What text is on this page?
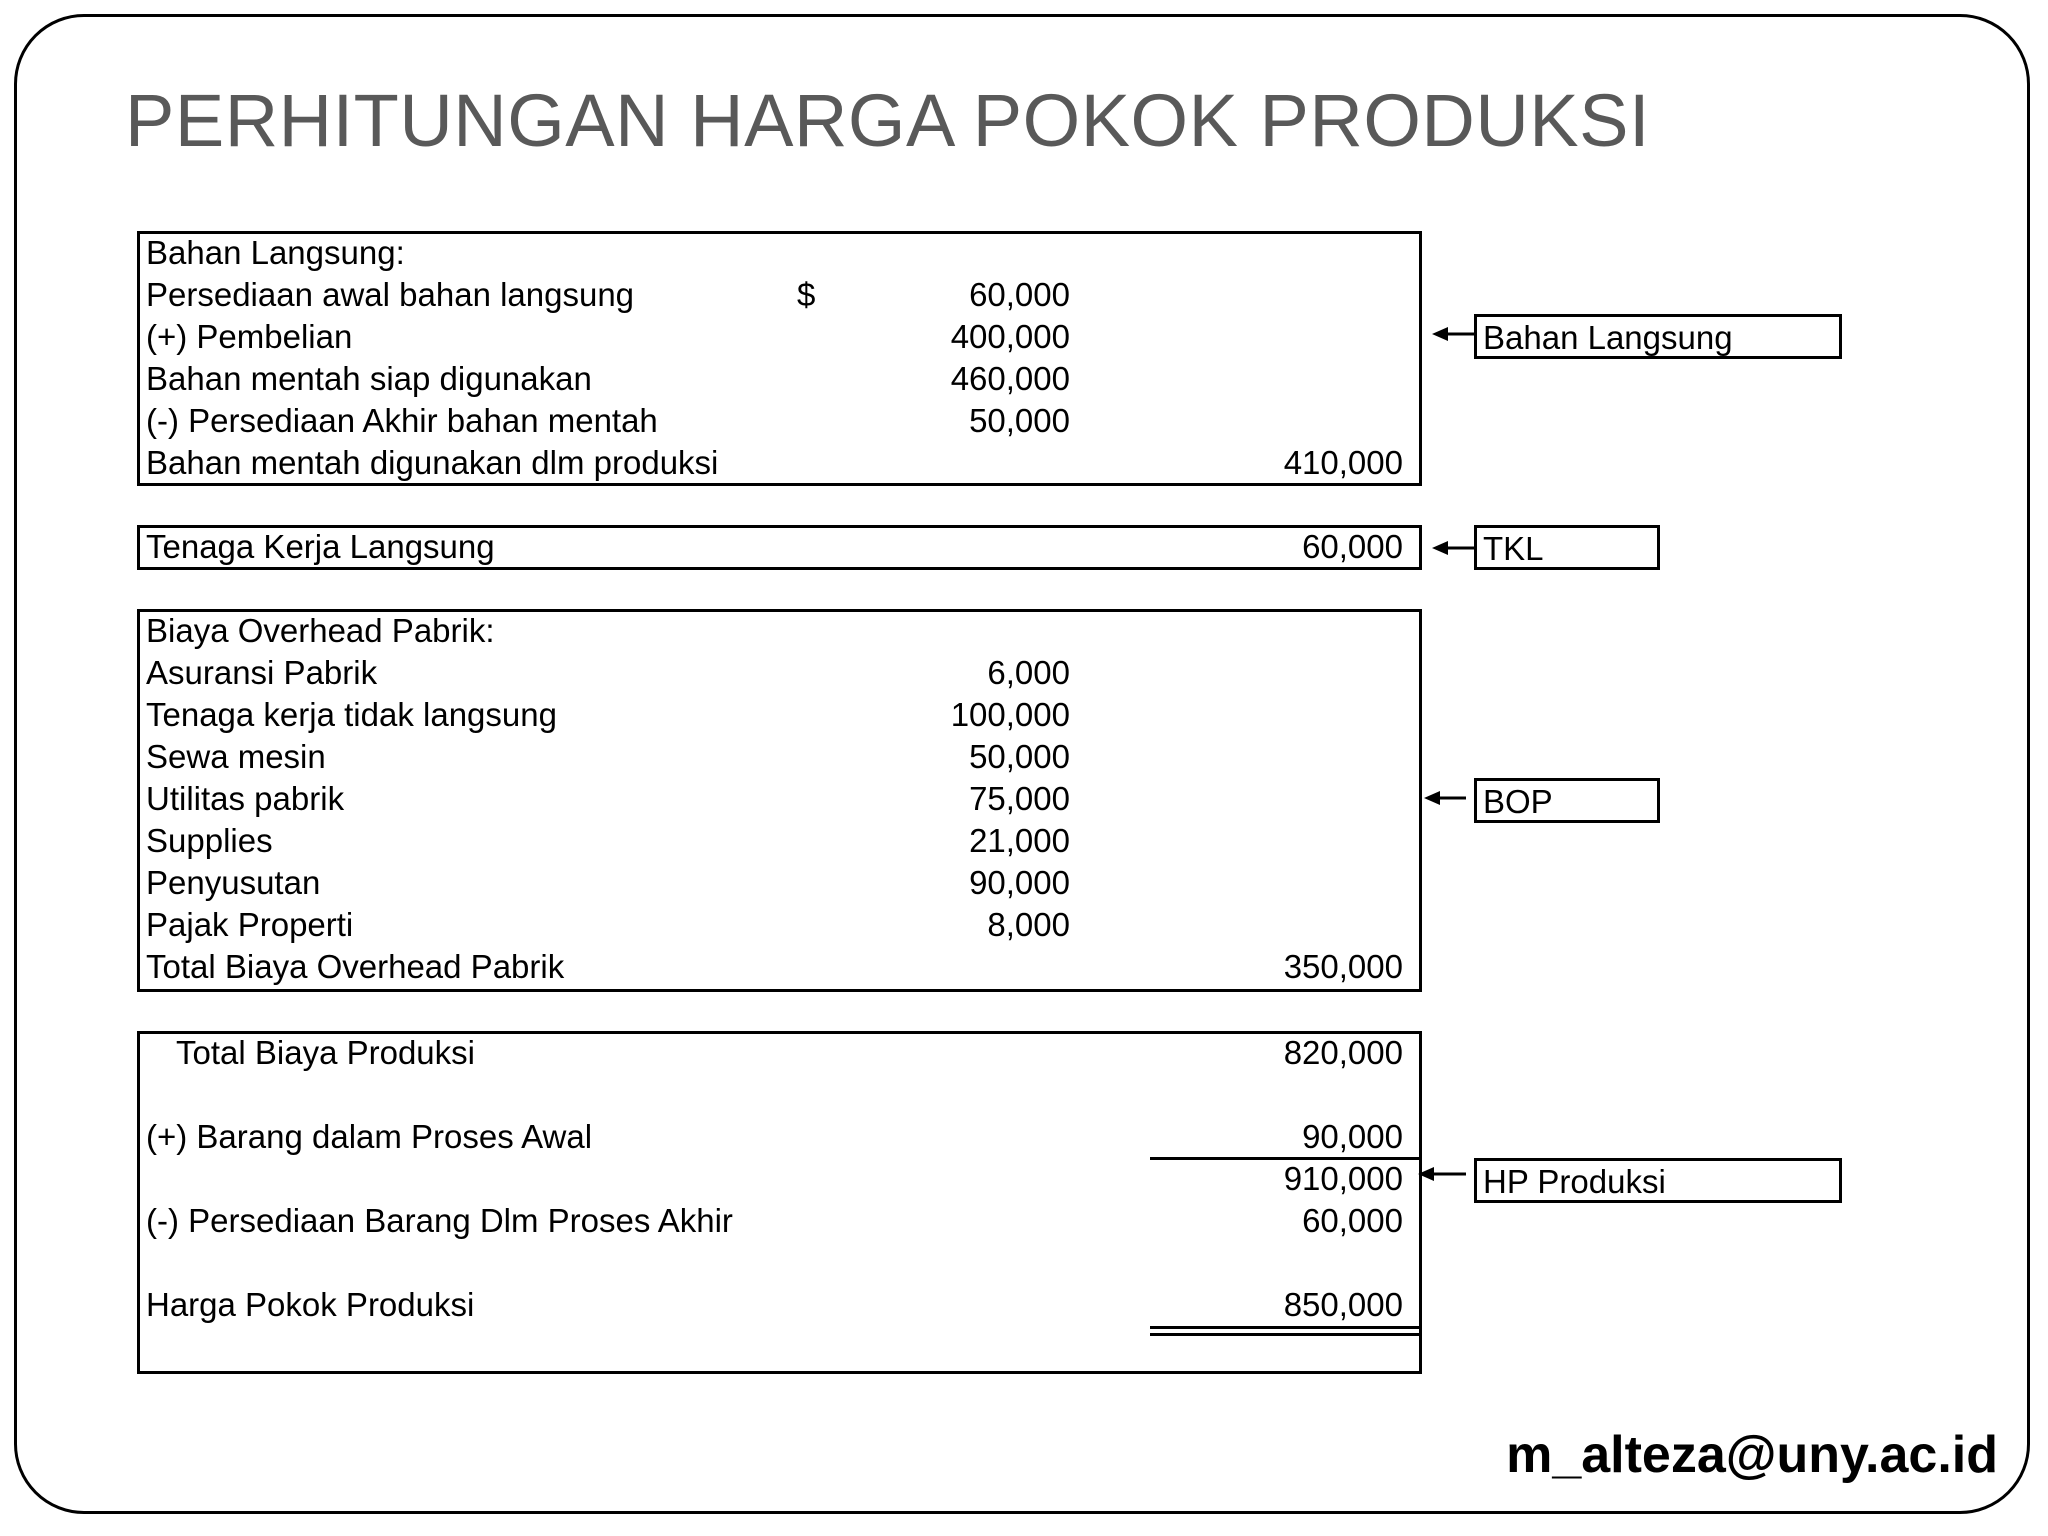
PERHITUNGAN HARGA POKOK PRODUKSI
Bahan Langsung:
Persediaan awal bahan langsung	$	60,000
(+) Pembelian	400,000
Bahan mentah siap digunakan	460,000
(-) Persediaan Akhir bahan mentah	50,000
Bahan mentah digunakan dlm produksi	410,000
Bahan Langsung
Tenaga Kerja Langsung	60,000 TKL
Biaya Overhead Pabrik:
Asuransi Pabrik	6,000
Tenaga kerja tidak langsung	100,000
Sewa mesin	50,000
Utilitas pabrik	75,000
Supplies	21,000
Penyusutan	90,000
Pajak Properti	8,000
Total Biaya Overhead Pabrik	350,000
BOP
Total Biaya Produksi	820,000
(+) Barang dalam Proses Awal	90,000
910,000
(-) Persediaan Barang Dlm Proses Akhir	60,000
Harga Pokok Produksi	850,000
HP Produksi
m_alteza@uny.ac.id
